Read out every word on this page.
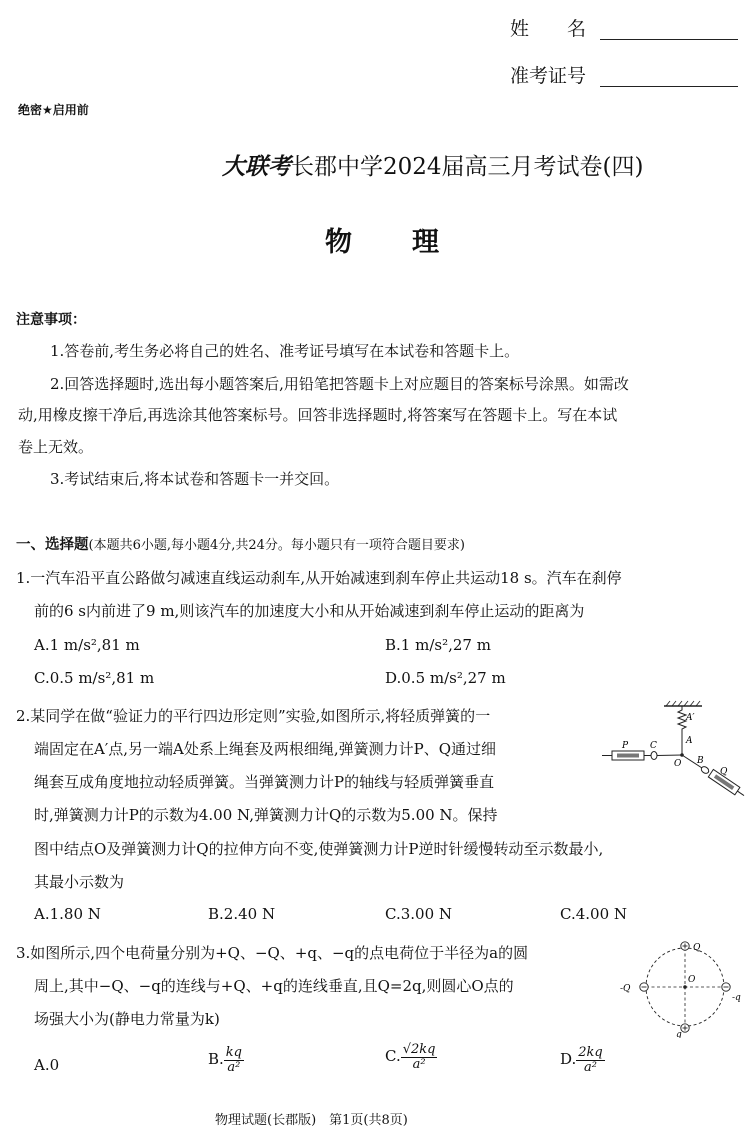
姓　　名
准考证号
绝密★启用前
大联考长郡中学2024届高三月考试卷(四)
物　　理
注意事项：
1.答卷前,考生务必将自己的姓名、准考证号填写在本试卷和答题卡上。
2.回答选择题时,选出每小题答案后,用铅笔把答题卡上对应题目的答案标号涂黑。如需改
动,用橡皮擦干净后,再选涂其他答案标号。回答非选择题时,将答案写在答题卡上。写在本试
卷上无效。
3.考试结束后,将本试卷和答题卡一并交回。
一、选择题(本题共6小题,每小题4分,共24分。每小题只有一项符合题目要求)
1.一汽车沿平直公路做匀减速直线运动刹车,从开始减速到刹车停止共运动18 s。汽车在刹停
前的6 s内前进了9 m,则该汽车的加速度大小和从开始减速到刹车停止运动的距离为
A.1 m/s²,81 m	B.1 m/s²,27 m
C.0.5 m/s²,81 m	D.0.5 m/s²,27 m
2.某同学在做“验证力的平行四边形定则”实验,如图所示,将轻质弹簧的一
端固定在A′点,另一端A处系上绳套及两根细绳,弹簧测力计P、Q通过细
绳套互成角度地拉动轻质弹簧。当弹簧测力计P的轴线与轻质弹簧垂直
时,弹簧测力计P的示数为4.00 N,弹簧测力计Q的示数为5.00 N。保持
图中结点O及弹簧测力计Q的拉伸方向不变,使弹簧测力计P逆时针缓慢转动至示数最小,
其最小示数为
A.1.80 N	B.2.40 N	C.3.00 N	C.4.00 N
A′
A
P C
O B
Q
3.如图所示,四个电荷量分别为+Q、−Q、+q、−q的点电荷位于半径为a的圆
周上,其中−Q、−q的连线与+Q、+q的连线垂直,且Q=2q,则圆心O点的
场强大小为(静电力常量为k)
A.0	B. $\frac{kq}{\text{a²}}$	C. $\frac{√2kq}{\text{a²}}$	D. $\frac{2kq}{\text{a²}}$
Q
-Q
-q
q
O
物理试题(长郡版)　第1页(共8页)
